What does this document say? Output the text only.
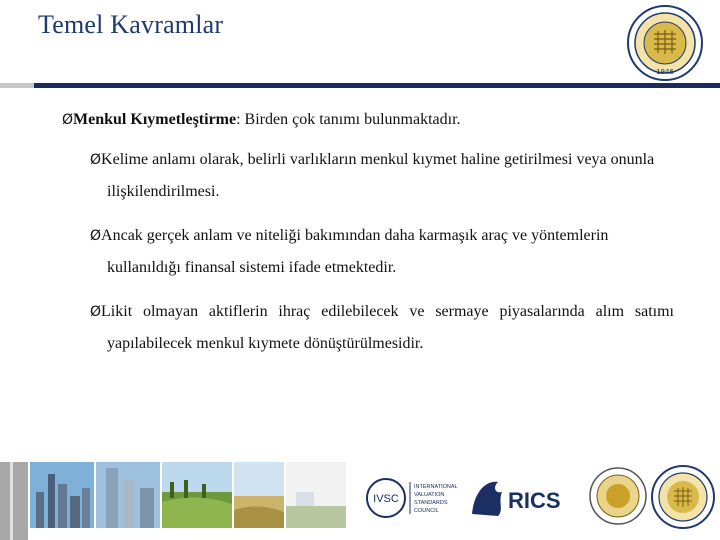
Temel Kavramlar
1946

ØMenkul Kıymetleştirme: Birden çok tanımı bulunmaktadır.

ØKelime anlamı olarak, belirli varlıkların menkul kıymet haline getirilmesi veya onunla ilişkilendirilmesi.

ØAncak gerçek anlam ve niteliği bakımından daha karmaşık araç ve yöntemlerin kullanıldığı finansal sistemi ifade etmektedir.

ØLikit olmayan aktiflerin ihraç edilebilecek ve sermaye piyasalarında alım satımı yapılabilecek menkul kıymete dönüştürülmesidir.

IVSC
INTERNATIONAL
VALUATION
STANDARDS
COUNCIL	RICS
